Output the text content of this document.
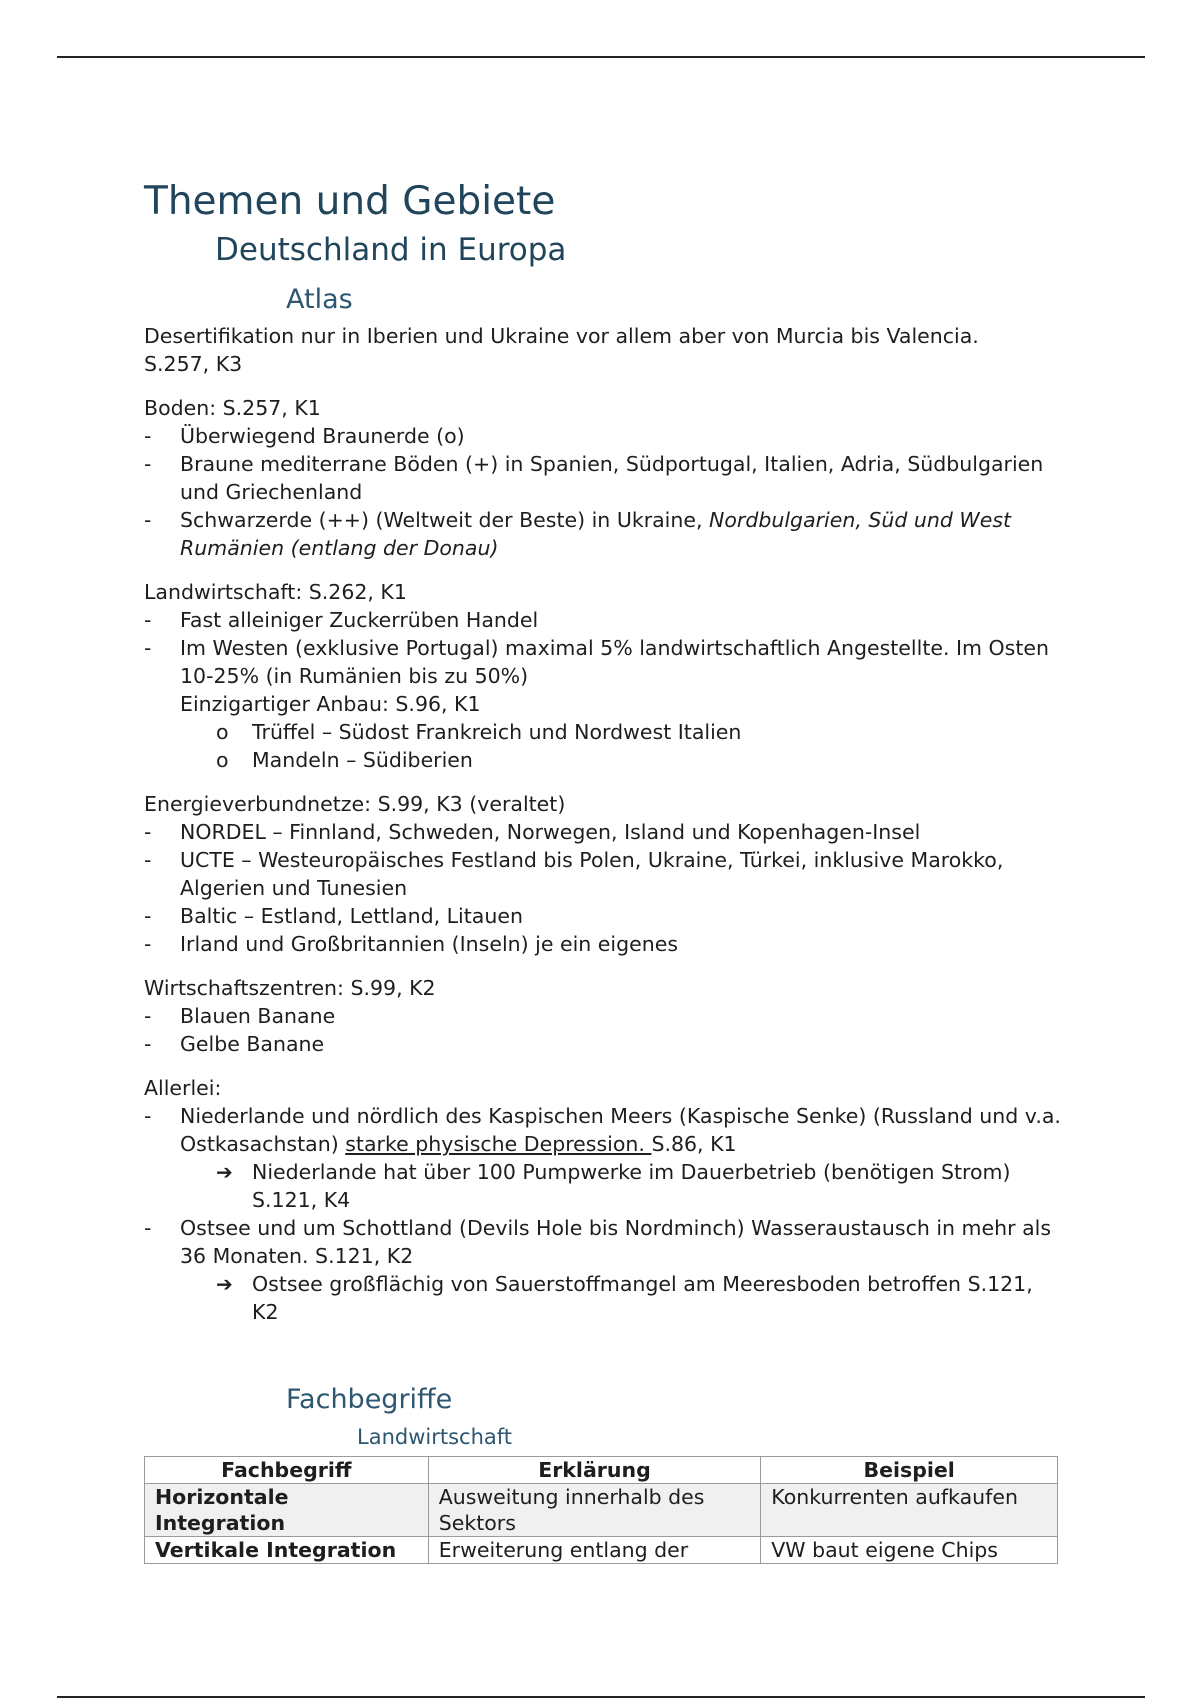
Themen und Gebiete
Deutschland in Europa
Atlas

Desertifikation nur in Iberien und Ukraine vor allem aber von Murcia bis Valencia.

S.257, K3

Boden: S.257, K1

- Überwiegend Braunerde (o)
- Braune mediterrane Böden (+) in Spanien, Südportugal, Italien, Adria, Südbulgarien und Griechenland
- Schwarzerde (++) (Weltweit der Beste) in Ukraine, Nordbulgarien, Süd und West Rumänien (entlang der Donau)

Landwirtschaft: S.262, K1

- Fast alleiniger Zuckerrüben Handel
- Im Westen (exklusive Portugal) maximal 5% landwirtschaftlich Angestellte. Im Osten 10-25% (in Rumänien bis zu 50%)
Einzigartiger Anbau: S.96, K1
o	Trüffel – Südost Frankreich und Nordwest Italien
o	Mandeln – Südiberien

Energieverbundnetze: S.99, K3 (veraltet)

- NORDEL – Finnland, Schweden, Norwegen, Island und Kopenhagen-Insel
- UCTE – Westeuropäisches Festland bis Polen, Ukraine, Türkei, inklusive Marokko, Algerien und Tunesien
- Baltic – Estland, Lettland, Litauen
- Irland und Großbritannien (Inseln) je ein eigenes

Wirtschaftszentren: S.99, K2

- Blauen Banane
- Gelbe Banane

Allerlei:

- Niederlande und nördlich des Kaspischen Meers (Kaspische Senke) (Russland und v.a. Ostkasachstan) starke physische Depression. S.86, K1
➔ Niederlande hat über 100 Pumpwerke im Dauerbetrieb (benötigen Strom) S.121, K4
- Ostsee und um Schottland (Devils Hole bis Nordminch) Wasseraustausch in mehr als 36 Monaten. S.121, K2
➔ Ostsee großflächig von Sauerstoffmangel am Meeresboden betroffen S.121, K2
Fachbegriffe
Landwirtschaft
Fachbegriff	Erklärung	Beispiel
Horizontale Integration	Ausweitung innerhalb des Sektors	Konkurrenten aufkaufen
Vertikale Integration	Erweiterung entlang der	VW baut eigene Chips
